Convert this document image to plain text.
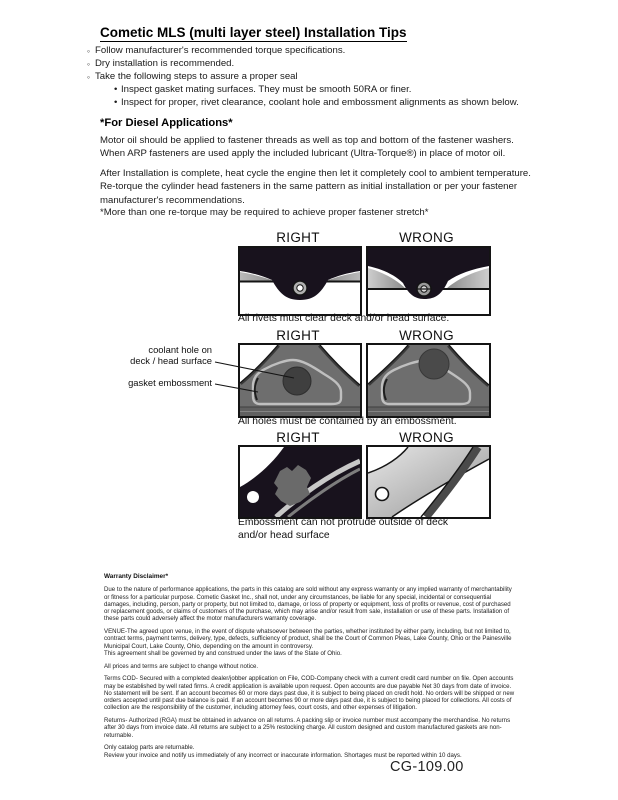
Cometic MLS (multi layer steel) Installation Tips
◦ Follow manufacturer's recommended torque specifications.
◦ Dry installation is recommended.
◦ Take the following steps to assure a proper seal
• Inspect gasket mating surfaces. They must be smooth 50RA or finer.
• Inspect for proper, rivet clearance, coolant hole and embossment alignments as shown below.
*For Diesel Applications*
Motor oil should be applied to fastener threads as well as top and bottom of the fastener washers. When ARP fasteners are used apply the included lubricant (Ultra-Torque®) in place of motor oil.
After Installation is complete, heat cycle the engine then let it completely cool to ambient temperature. Re-torque the cylinder head fasteners in the same pattern as initial installation or per your fastener manufacturer's recommendations.
*More than one re-torque may be required to achieve proper fastener stretch*
RIGHT	WRONG
All rivets must clear deck and/or head surface.
RIGHT	WRONG
coolant hole on
deck / head surface
gasket embossment
All holes must be contained by an embossment.
RIGHT	WRONG
Embossment can not protrude outside of deck
and/or head surface
Warranty Disclaimer*

Due to the nature of performance applications, the parts in this catalog are sold without any express warranty or any implied warranty of merchantability or fitness for a particular purpose. Cometic Gasket Inc., shall not, under any circumstances, be liable for any special, incidental or consequential damages, including, person, party or property, but not limited to, damage, or loss of property or equipment, loss of profits or revenue, cost of purchased or replacement goods, or claims of customers of the purchase, which may arise and/or result from sale, installation or use of these parts. Installation of these parts could adversely affect the motor manufacturers warranty coverage.

VENUE-The agreed upon venue, in the event of dispute whatsoever between the parties, whether instituted by either party, including, but not limited to, contract terms, payment terms, delivery, type, defects, sufficiency of product, shall be the Court of Common Pleas, Lake County, Ohio or the Painesville Municipal Court, Lake County, Ohio, depending on the amount in controversy.

This agreement shall be governed by and construed under the laws of the State of Ohio.

All prices and terms are subject to change without notice.

Terms COD- Secured with a completed dealer/jobber application on File, COD-Company check with a current credit card number on file. Open accounts may be established by well rated firms. A credit application is available upon request. Open accounts are due payable Net 30 days from date of invoice. No statement will be sent. If an account becomes 60 or more days past due, it is subject to being placed on credit hold. No orders will be shipped or new orders accepted until past due balance is paid. If an account becomes 90 or more days past due, it is subject to being placed for collections. All costs of collection are the responsibility of the customer, including attorney fees, court costs, and other expenses of litigation.

Returns- Authorized (RGA) must be obtained in advance on all returns. A packing slip or invoice number must accompany the merchandise. No returns after 30 days from invoice date. All returns are subject to a 25% restocking charge. All custom designed and custom manufactured gaskets are non-returnable.

Only catalog parts are returnable.

Review your invoice and notify us immediately of any incorrect or inaccurate information. Shortages must be reported within 10 days.

CG-109.00
